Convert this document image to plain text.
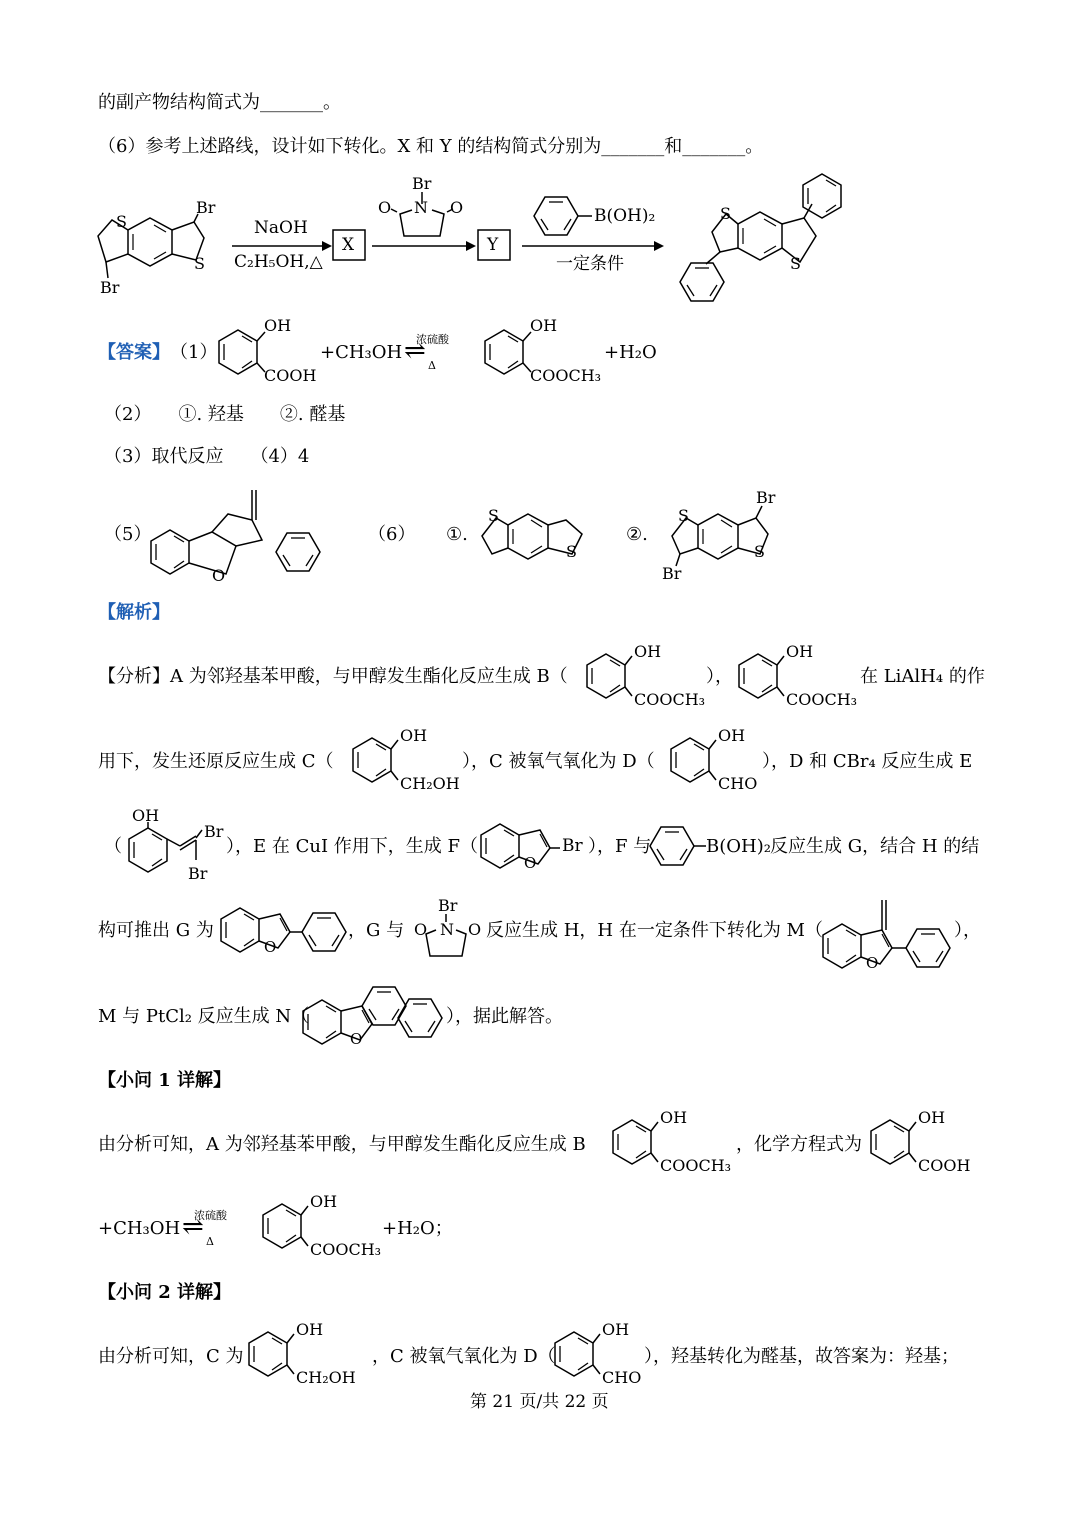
的副产物结构简式为_______。
（6）参考上述路线，设计如下转化。X 和 Y 的结构简式分别为_______和_______。
Br
S
S
Br
NaOH
C₂H₅OH,△
X
Br
O N O
Y
B(OH)₂
一定条件
S
S
【答案】 （1）
OH
COOH
+CH₃OH
浓硫酸
⇌ Δ
OH
COOCH₃
+H₂O
（2）　　①. 羟基　　②. 醛基
（3）取代反应　　（4）4
（5）
O
（6） ①.
S
S
②.
S
S
Br
Br
【解析】
【分析】A 为邻羟基苯甲酸，与甲醇发生酯化反应生成 B（
OH
COOCH₃
），
OH
COOCH₃
在 LiAlH₄ 的作
用下，发生还原反应生成 C（
OH
CH₂OH
），C 被氧气氧化为 D（
OH
CHO
），D 和 CBr₄ 反应生成 E
（
OH
Br
Br
），E 在 CuI 作用下，生成 F（
O
Br ），F 与	B(OH)₂ 反应生成 G，结合 H 的结
构可推出 G 为
O
，G 与
Br
O N O 反应生成 H，H 在一定条件下转化为 M（
O
），
M 与 PtCl₂ 反应生成 N（
O
），据此解答。
【小问 1 详解】
由分析可知，A 为邻羟基苯甲酸，与甲醇发生酯化反应生成 B
OH
COOCH₃
，化学方程式为
OH
COOH
+CH₃OH
浓硫酸
⇌ Δ
OH
COOCH₃
+H₂O；
【小问 2 详解】
由分析可知，C 为
OH
CH₂OH
，C 被氧气氧化为 D（
OH
CHO
），羟基转化为醛基，故答案为：羟基；
第 21 页/共 22 页
